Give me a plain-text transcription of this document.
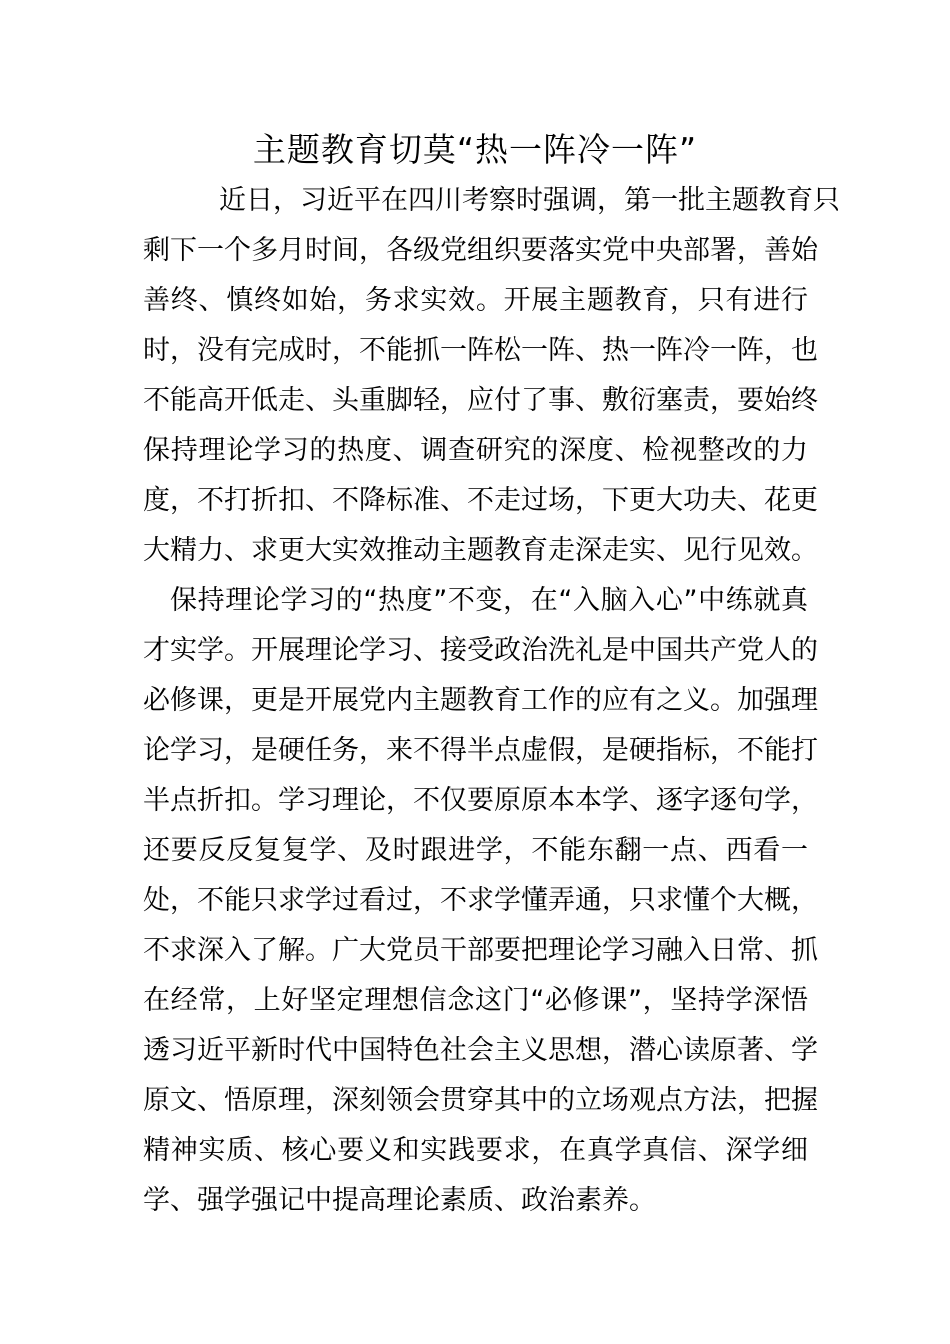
主题教育切莫“热一阵冷一阵”
近日，习近平在四川考察时强调，第一批主题教育只
剩下一个多月时间，各级党组织要落实党中央部署，善始
善终、慎终如始，务求实效。开展主题教育，只有进行
时，没有完成时，不能抓一阵松一阵、热一阵冷一阵，也
不能高开低走、头重脚轻，应付了事、敷衍塞责，要始终
保持理论学习的热度、调查研究的深度、检视整改的力
度，不打折扣、不降标准、不走过场，下更大功夫、花更
大精力、求更大实效推动主题教育走深走实、见行见效。
保持理论学习的“热度”不变，在“入脑入心”中练就真
才实学。开展理论学习、接受政治洗礼是中国共产党人的
必修课，更是开展党内主题教育工作的应有之义。加强理
论学习，是硬任务，来不得半点虚假，是硬指标，不能打
半点折扣。学习理论，不仅要原原本本学、逐字逐句学，
还要反反复复学、及时跟进学，不能东翻一点、西看一
处，不能只求学过看过，不求学懂弄通，只求懂个大概，
不求深入了解。广大党员干部要把理论学习融入日常、抓
在经常，上好坚定理想信念这门“必修课”，坚持学深悟
透习近平新时代中国特色社会主义思想，潜心读原著、学
原文、悟原理，深刻领会贯穿其中的立场观点方法，把握
精神实质、核心要义和实践要求，在真学真信、深学细
学、强学强记中提高理论素质、政治素养。
